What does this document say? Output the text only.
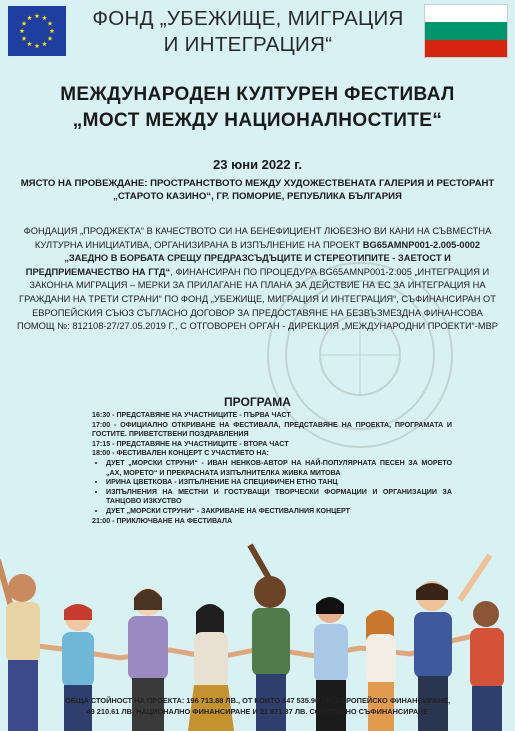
ФОНД „УБЕЖИЩЕ, МИГРАЦИЯ
И ИНТЕГРАЦИЯ“
МЕЖДУНАРОДЕН КУЛТУРЕН ФЕСТИВАЛ
„МОСТ МЕЖДУ НАЦИОНАЛНОСТИТЕ“
23 юни 2022 г.
МЯСТО НА ПРОВЕЖДАНЕ: ПРОСТРАНСТВОТО МЕЖДУ ХУДОЖЕСТВЕНАТА ГАЛЕРИЯ И РЕСТОРАНТ „СТАРОТО КАЗИНО“, ГР. ПОМОРИЕ, РЕПУБЛИКА БЪЛГАРИЯ
ФОНДАЦИЯ „ПРОДЖЕКТА“ В КАЧЕСТВОТО СИ НА БЕНЕФИЦИЕНТ ЛЮБЕЗНО ВИ КАНИ НА СЪВМЕСТНА КУЛТУРНА ИНИЦИАТИВА, ОРГАНИЗИРАНА В ИЗПЪЛНЕНИЕ НА ПРОЕКТ BG65AMNP001-2.005-0002 „ЗАЕДНО В БОРБАТА СРЕЩУ ПРЕДРАЗСЪДЪЦИТЕ И СТЕРЕОТИПИТЕ - ЗАЕТОСТ И ПРЕДПРИЕМАЧЕСТВО НА ГТД“, ФИНАНСИРАН ПО ПРОЦЕДУРА BG65AMNP001-2.005 „ИНТЕГРАЦИЯ И ЗАКОННА МИГРАЦИЯ – МЕРКИ ЗА ПРИЛАГАНЕ НА ПЛАНА ЗА ДЕЙСТВИЕ НА ЕС ЗА ИНТЕГРАЦИЯ НА ГРАЖДАНИ НА ТРЕТИ СТРАНИ“ ПО ФОНД „УБЕЖИЩЕ, МИГРАЦИЯ И ИНТЕГРАЦИЯ“, СЪФИНАНСИРАН ОТ ЕВРОПЕЙСКИЯ СЪЮЗ СЪГЛАСНО ДОГОВОР ЗА ПРЕДОСТАВЯНЕ НА БЕЗВЪЗМЕЗДНА ФИНАНСОВА ПОМОЩ №: 812108-27/27.05.2019 Г., С ОТГОВОРЕН ОРГАН - ДИРЕКЦИЯ „МЕЖДУНАРОДНИ ПРОЕКТИ“-МВР
ПРОГРАМА
16:30 - ПРЕДСТАВЯНЕ НА УЧАСТНИЦИТЕ - ПЪРВА ЧАСТ
17:00 - ОФИЦИАЛНО ОТКРИВАНЕ НА ФЕСТИВАЛА, ПРЕДСТАВЯНЕ НА ПРОЕКТА, ПРОГРАМАТА И ГОСТИТЕ. ПРИВЕТСТВЕНИ ПОЗДРАВЛЕНИЯ
17:15 - ПРЕДСТАВЯНЕ НА УЧАСТНИЦИТЕ - ВТОРА ЧАСТ
18:00 - ФЕСТИВАЛЕН КОНЦЕРТ С УЧАСТИЕТО НА:
• ДУЕТ „МОРСКИ СТРУНИ“ - ИВАН НЕНКОВ-АВТОР НА НАЙ-ПОПУЛЯРНАТА ПЕСЕН ЗА МОРЕТО „АХ, МОРЕТО“ И ПРЕКРАСНАТА ИЗПЪЛНИТЕЛКА ЖИВКА МИТОВА
• ИРИНА ЦВЕТКОВА - ИЗПЪЛНЕНИЕ НА СПЕЦИФИЧЕН ЕТНО ТАНЦ
• ИЗПЪЛНЕНИЯ НА МЕСТНИ И ГОСТУВАЩИ ТВОРЧЕСКИ ФОРМАЦИИ И ОРГАНИЗАЦИИ ЗА ТАНЦОВО ИЗКУСТВО
• ДУЕТ „МОРСКИ СТРУНИ“ - ЗАКРИВАНЕ НА ФЕСТИВАЛНИЯ КОНЦЕРТ
21:00 - ПРИКЛЮЧВАНЕ НА ФЕСТИВАЛА
ОБЩА СТОЙНОСТ НА ПРОЕКТА: 196 713.88 ЛВ., ОТ КОИТО 147 535.90 ЛВ. ЕВРОПЕЙСКО ФИНАНСИРАНЕ,
49 210.61 ЛВ. НАЦИОНАЛНО ФИНАНСИРАНЕ И 21 871.37 ЛВ. СОБСТВЕНО СЪФИНАНСИРАНЕ
